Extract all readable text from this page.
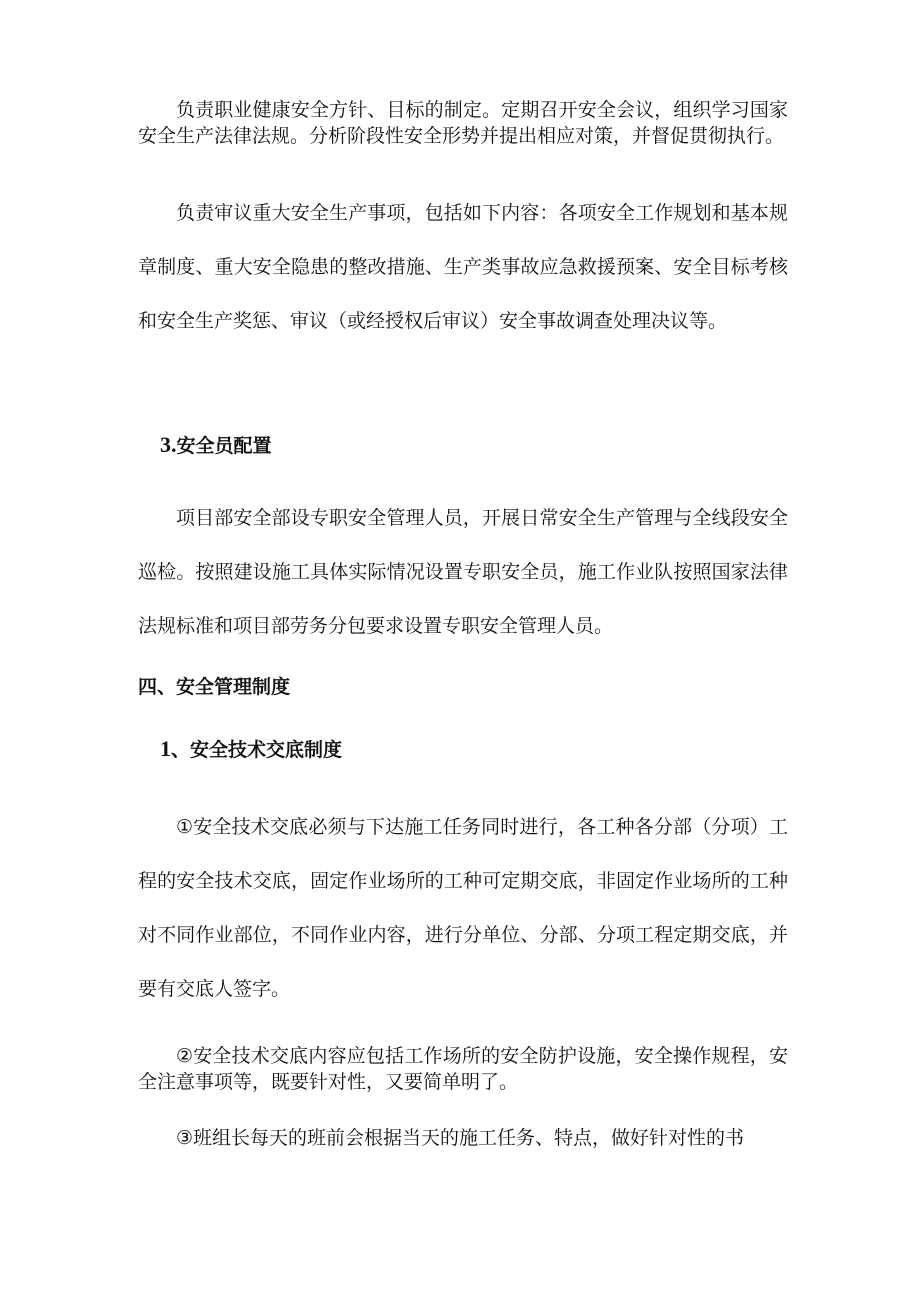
负责职业健康安全方针、目标的制定。定期召开安全会议，组织学习国家安全生产法律法规。分析阶段性安全形势并提出相应对策，并督促贯彻执行。

负责审议重大安全生产事项，包括如下内容：各项安全工作规划和基本规章制度、重大安全隐患的整改措施、生产类事故应急救援预案、安全目标考核和安全生产奖惩、审议（或经授权后审议）安全事故调查处理决议等。

3.安全员配置

项目部安全部设专职安全管理人员，开展日常安全生产管理与全线段安全巡检。按照建设施工具体实际情况设置专职安全员，施工作业队按照国家法律法规标准和项目部劳务分包要求设置专职安全管理人员。

四、安全管理制度
1、安全技术交底制度

①安全技术交底必须与下达施工任务同时进行，各工种各分部（分项）工程的安全技术交底，固定作业场所的工种可定期交底，非固定作业场所的工种对不同作业部位，不同作业内容，进行分单位、分部、分项工程定期交底，并要有交底人签字。

②安全技术交底内容应包括工作场所的安全防护设施，安全操作规程，安全注意事项等，既要针对性，又要简单明了。

③班组长每天的班前会根据当天的施工任务、特点，做好针对性的书
